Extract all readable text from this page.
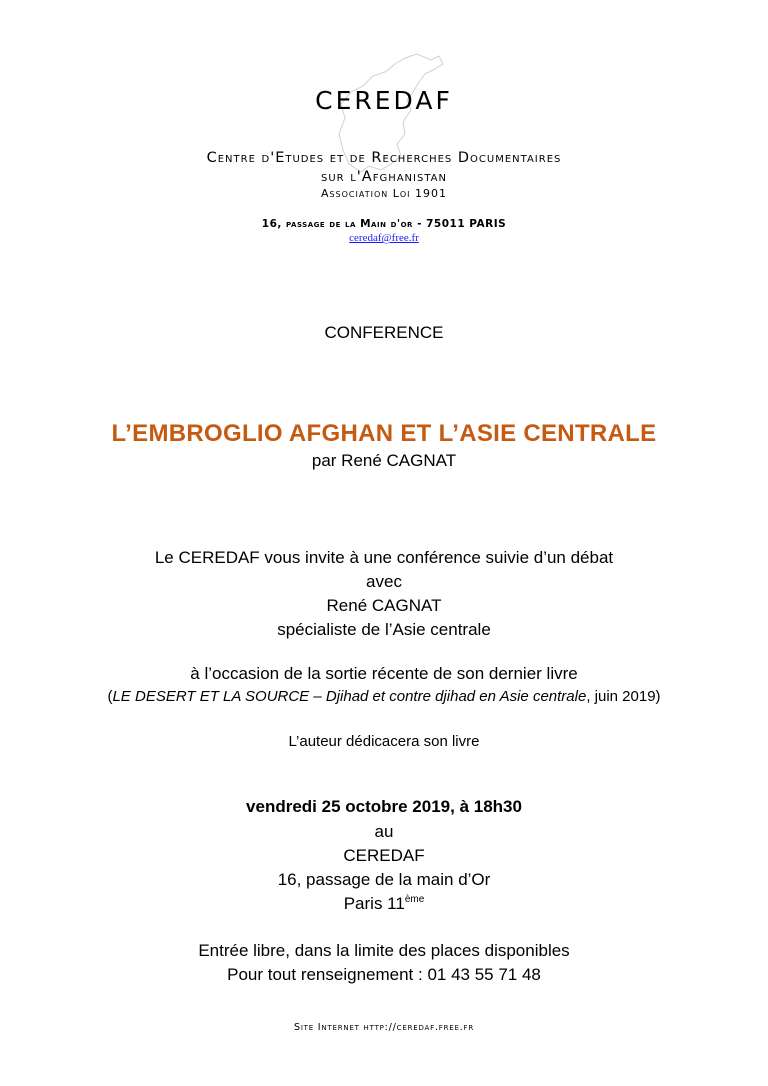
CEREDAF
Centre d'Etudes et de Recherches Documentaires
sur l'Afghanistan
Association Loi 1901
16, passage de la Main d'or - 75011 PARIS
ceredaf@free.fr
CONFERENCE
L’EMBROGLIO AFGHAN ET L’ASIE CENTRALE
par René CAGNAT
Le CEREDAF vous invite à une conférence suivie d’un débat
avec
René CAGNAT
spécialiste de l’Asie centrale
à l’occasion de la sortie récente de son dernier livre
(LE DESERT ET LA SOURCE – Djihad et contre djihad en Asie centrale, juin 2019)
L’auteur dédicacera son livre
vendredi 25 octobre 2019, à 18h30
au
CEREDAF
16, passage de la main d’Or
Paris 11ème
Entrée libre, dans la limite des places disponibles
Pour tout renseignement : 01 43 55 71 48
Site Internet http://ceredaf.free.fr
